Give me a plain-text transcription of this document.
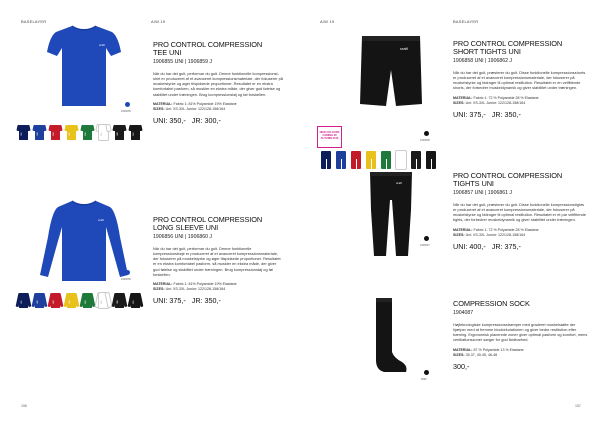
BASELAYER	A/W 19
craft
1906855
1336	1430	2430	1430	5390	1651	1300	9999
PRO CONTROL COMPRESSION
TEE UNI
1906855 UNI | 1906859 J
När du har det gult, performar du gult. Denne funktionelle kompressionst-shirt er produceret af et avanceret kompressionsmateriale, der fokuserer på muskelstyrke og øger tilspidsede proportioner. Resultatet er en ekstra komfortabel pasform, så muskler en ekstra måde, der giver god følelse og stabilitet under træningen. Brug kompressionstøj og føl forskellen.
MATERIAL: Fabric 1: 81% Polyamide 19% Elastane
SIZES: Uni: XS-3XL Junior: 122/128-158/164
UNI: 350,- JR: 300,-
craft
1906856
1336	1430	2430	1430	5390	1651	1300	9999
PRO CONTROL COMPRESSION
LONG SLEEVE UNI
1906856 UNI | 1906860 J
När du har det gult, performar du gult. Denne funktionelle kompressionstrøje er produceret af et avanceret kompressionsmateriale, der fokuserer på muskelstyrke og øger tilspidsede proportioner. Resultatet er en ekstra komfortabel pasform, så muskler en ekstra måde, der giver god følelse og stabilitet under træningen. Brug kompressionstøj og føl forskellen.
MATERIAL: Fabric 1: 81% Polyamide 19% Elastane
SIZES: Uni: XS-3XL Junior: 122/128-158/164
UNI: 375,- JR: 350,-
156
A/W 19	BASELAYER
craft
NEW COLOURS COMING IN AUTUMN 2019
1906858
PRO CONTROL COMPRESSION
SHORT TIGHTS UNI
1906858 UNI | 1906862 J
Når du har det gult, præsterer du gult. Disse funktionelle kompressionsshorts er produceret af et avanceret kompressionsmateriale, der fokuserer på muskelstyrke og bidrager til optimal restitution. Resultatet er en velfittende shorts, der forbedrer muskeldynamik og giver stabilitet under træningen.
MATERIAL: Fabric 1: 72 % Polyamide 28 % Elastane
SIZES: Uni: XS-3XL Junior: 122/128-158/164
UNI: 375,- JR: 350,-
craft
1906857
PRO CONTROL COMPRESSION
TIGHTS UNI
1906857 UNI | 1906861 J
Når du har det gult, præsterer du gult. Disse funktionelle kompressionstights er produceret af et avanceret kompressionsmateriale, der fokuserer på muskelstyrke og bidrager til optimal restitution. Resultatet er et par velfittende tights, der forbedrer muskeldynamik og giver stabilitet under træningen.
MATERIAL: Fabric 1: 72 % Polyamide 28 % Elastane
SIZES: Uni: XS-3XL Junior: 122/128-158/164
UNI: 400,- JR: 375,-
9999
COMPRESSION SOCK
1904087
Højteknologiske kompressionsstrømper med graderet muskelstøtte der hjælper med at fremme blodcirkulationen og giver bedre restitution efter træning. Ergonomisk placerede zoner giver optimal pasform og komfort, mens ventilationszoner sørger for god åndbarhed.
MATERIAL: 87 % Polyamide 13 % Elastane
SIZES: 35-37, 40-45, 46-48
300,-
157
